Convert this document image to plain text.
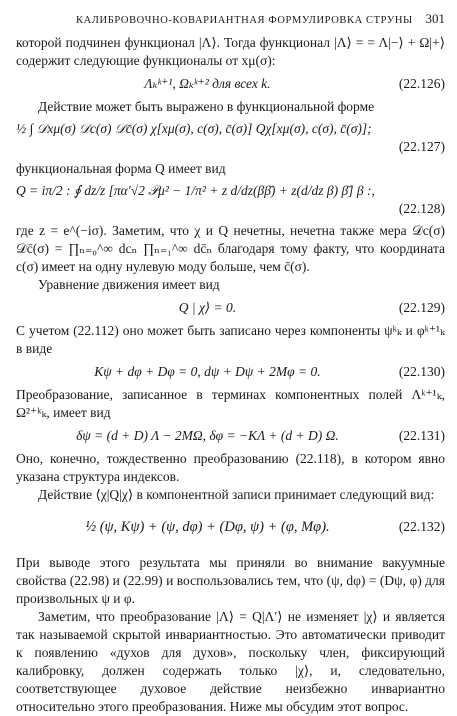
КАЛИБРОВОЧНО-КОВАРИАНТНАЯ ФОРМУЛИРОВКА СТРУНЫ 301

которой подчинен функционал |Λ⟩. Тогда функционал |Λ⟩ = = Λ|−⟩ + Ω|+⟩ содержит следующие функционалы от xμ(σ):

Λₖᵏ⁺¹, Ωₖᵏ⁺² для всех k.	(22.126)

Действие может быть выражено в функциональной форме

½ ∫ 𝒟xμ(σ) 𝒟c(σ) 𝒟c̄(σ) χ[xμ(σ), c(σ), c̄(σ)] Qχ[xμ(σ), c(σ), c̄(σ)];
(22.127)

функциональная форма Q имеет вид

Q = iπ/2 : ∮ dz/z [πα′√2 𝒫μ² − 1/π² + z d/dz(ββ̄) + z(d/dz β) β̄] β :,
(22.128)

где z = e^(−iσ). Заметим, что χ и Q нечетны, нечетна также мера 𝒟c(σ) 𝒟c̄(σ) = ∏ₙ₌₀^∞ dcₙ ∏ₙ₌₁^∞ dc̄ₙ благодаря тому факту, что координата c(σ) имеет на одну нулевую моду больше, чем c̄(σ).

Уравнение движения имеет вид

Q | χ⟩ = 0.	(22.129)

С учетом (22.112) оно может быть записано через компоненты ψᵏₖ и φᵏ⁺¹ₖ в виде

Kψ + dφ + Dφ = 0, dψ + Dψ + 2Mφ = 0.	(22.130)

Преобразование, записанное в терминах компонентных полей Λᵏ⁺¹ₖ, Ω²⁺ᵏₖ, имеет вид

δψ = (d + D) Λ − 2MΩ, δφ = −KΛ + (d + D) Ω.	(22.131)

Оно, конечно, тождественно преобразованию (22.118), в котором явно указана структура индексов.

Действие ⟨χ|Q|χ⟩ в компонентной записи принимает следующий вид:

½ (ψ, Kψ) + (ψ, dφ) + (Dφ, ψ) + (φ, Mφ).	(22.132)

При выводе этого результата мы приняли во внимание вакуумные свойства (22.98) и (22.99) и воспользовались тем, что (ψ, dφ) = (Dψ, φ) для произвольных ψ и φ.

Заметим, что преобразование |Λ⟩ = Q|Λ′⟩ не изменяет |χ⟩ и является так называемой скрытой инвариантностью. Это автоматически приводит к появлению «духов для духов», поскольку член, фиксирующий калибровку, должен содержать только |χ⟩, и, следовательно, соответствующее духовое действие неизбежно инвариантно относительно этого преобразования. Ниже мы обсудим этот вопрос.
